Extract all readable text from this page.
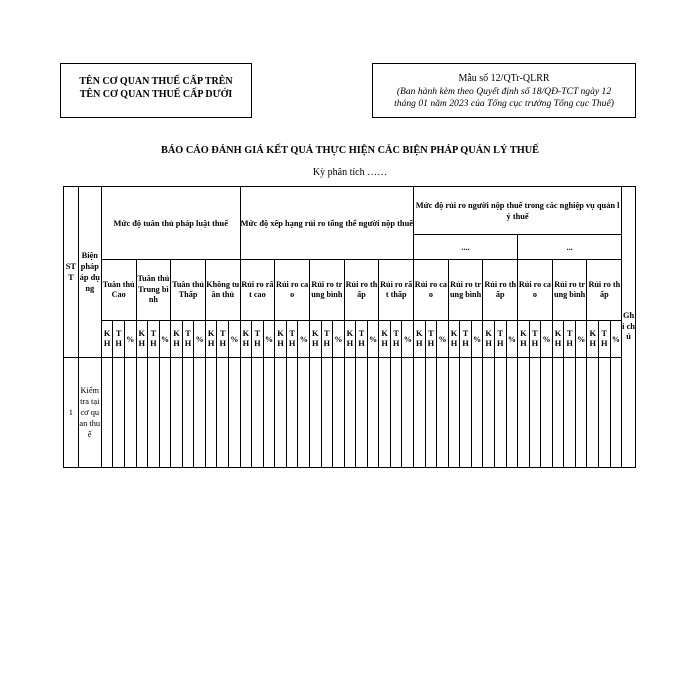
TÊN CƠ QUAN THUẾ CẤP TRÊN
TÊN CƠ QUAN THUẾ CẤP DƯỚI
Mẫu số 12/QTr-QLRR
(Ban hành kèm theo Quyết định số 18/QĐ-TCT ngày 12
tháng 01 năm 2023 của Tổng cục trưởng Tổng cục Thuế)
BÁO CÁO ĐÁNH GIÁ KẾT QUẢ THỰC HIỆN CÁC BIỆN PHÁP QUẢN LÝ THUẾ
Kỳ phân tích ……
STT	Biện pháp áp dụng	Mức độ tuân thủ pháp luật thuế												Mức độ xếp hạng rủi ro tổng thể người nộp thuế															Mức độ rủi ro người nộp thuế trong các nghiệp vụ quản lý thuế																		Ghi chú
																													....									...									
		Tuân thủ Cao			Tuân thủ Trung bình			Tuân thủ Thấp			Không tuân thủ			Rủi ro rất cao			Rủi ro cao			Rủi ro trung bình			Rủi ro thấp			Rủi ro rất thấp			Rủi ro cao			Rủi ro trung bình			Rủi ro thấp			Rủi ro cao			Rủi ro trung bình			Rủi ro thấp			
		KH	TH	%	KH	TH	%	KH	TH	%	KH	TH	%	KH	TH	%	KH	TH	%	KH	TH	%	KH	TH	%	KH	TH	%	KH	TH	%	KH	TH	%	KH	TH	%	KH	TH	%	KH	TH	%	KH	TH	%	
1	Kiểm tra tại cơ quan thuế																																														
